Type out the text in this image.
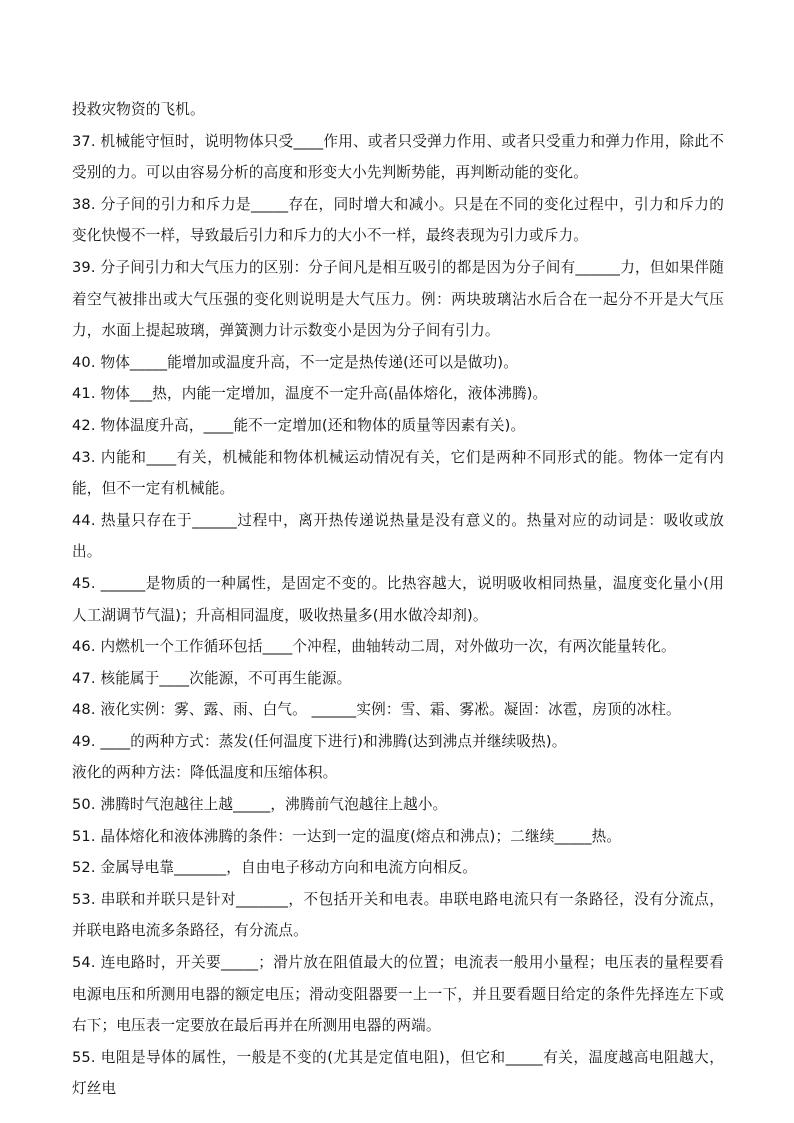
投救灾物资的飞机。

37. 机械能守恒时，说明物体只受____作用、或者只受弹力作用、或者只受重力和弹力作用，除此不受别的力。可以由容易分析的高度和形变大小先判断势能，再判断动能的变化。

38. 分子间的引力和斥力是_____存在，同时增大和减小。只是在不同的变化过程中，引力和斥力的变化快慢不一样，导致最后引力和斥力的大小不一样，最终表现为引力或斥力。

39. 分子间引力和大气压力的区别：分子间凡是相互吸引的都是因为分子间有______力，但如果伴随着空气被排出或大气压强的变化则说明是大气压力。例：两块玻璃沾水后合在一起分不开是大气压力，水面上提起玻璃，弹簧测力计示数变小是因为分子间有引力。

40. 物体_____能增加或温度升高，不一定是热传递(还可以是做功)。

41. 物体___热，内能一定增加，温度不一定升高(晶体熔化，液体沸腾)。

42. 物体温度升高，____能不一定增加(还和物体的质量等因素有关)。

43. 内能和____有关，机械能和物体机械运动情况有关，它们是两种不同形式的能。物体一定有内能，但不一定有机械能。

44. 热量只存在于______过程中，离开热传递说热量是没有意义的。热量对应的动词是：吸收或放出。

45. ______是物质的一种属性，是固定不变的。比热容越大，说明吸收相同热量，温度变化量小(用人工湖调节气温)；升高相同温度，吸收热量多(用水做冷却剂)。

46. 内燃机一个工作循环包括____个冲程，曲轴转动二周，对外做功一次，有两次能量转化。

47. 核能属于____次能源，不可再生能源。

48. 液化实例：雾、露、雨、白气。 ______实例：雪、霜、雾凇。凝固：冰雹，房顶的冰柱。

49. ____的两种方式：蒸发(任何温度下进行)和沸腾(达到沸点并继续吸热)。

液化的两种方法：降低温度和压缩体积。

50. 沸腾时气泡越往上越_____，沸腾前气泡越往上越小。

51. 晶体熔化和液体沸腾的条件：一达到一定的温度(熔点和沸点)；二继续_____热。

52. 金属导电靠_______，自由电子移动方向和电流方向相反。

53. 串联和并联只是针对_______，不包括开关和电表。串联电路电流只有一条路径，没有分流点，并联电路电流多条路径，有分流点。

54. 连电路时，开关要_____；滑片放在阻值最大的位置；电流表一般用小量程；电压表的量程要看电源电压和所测用电器的额定电压；滑动变阻器要一上一下，并且要看题目给定的条件先择连左下或右下；电压表一定要放在最后再并在所测用电器的两端。

55. 电阻是导体的属性，一般是不变的(尤其是定值电阻)，但它和_____有关，温度越高电阻越大，灯丝电
